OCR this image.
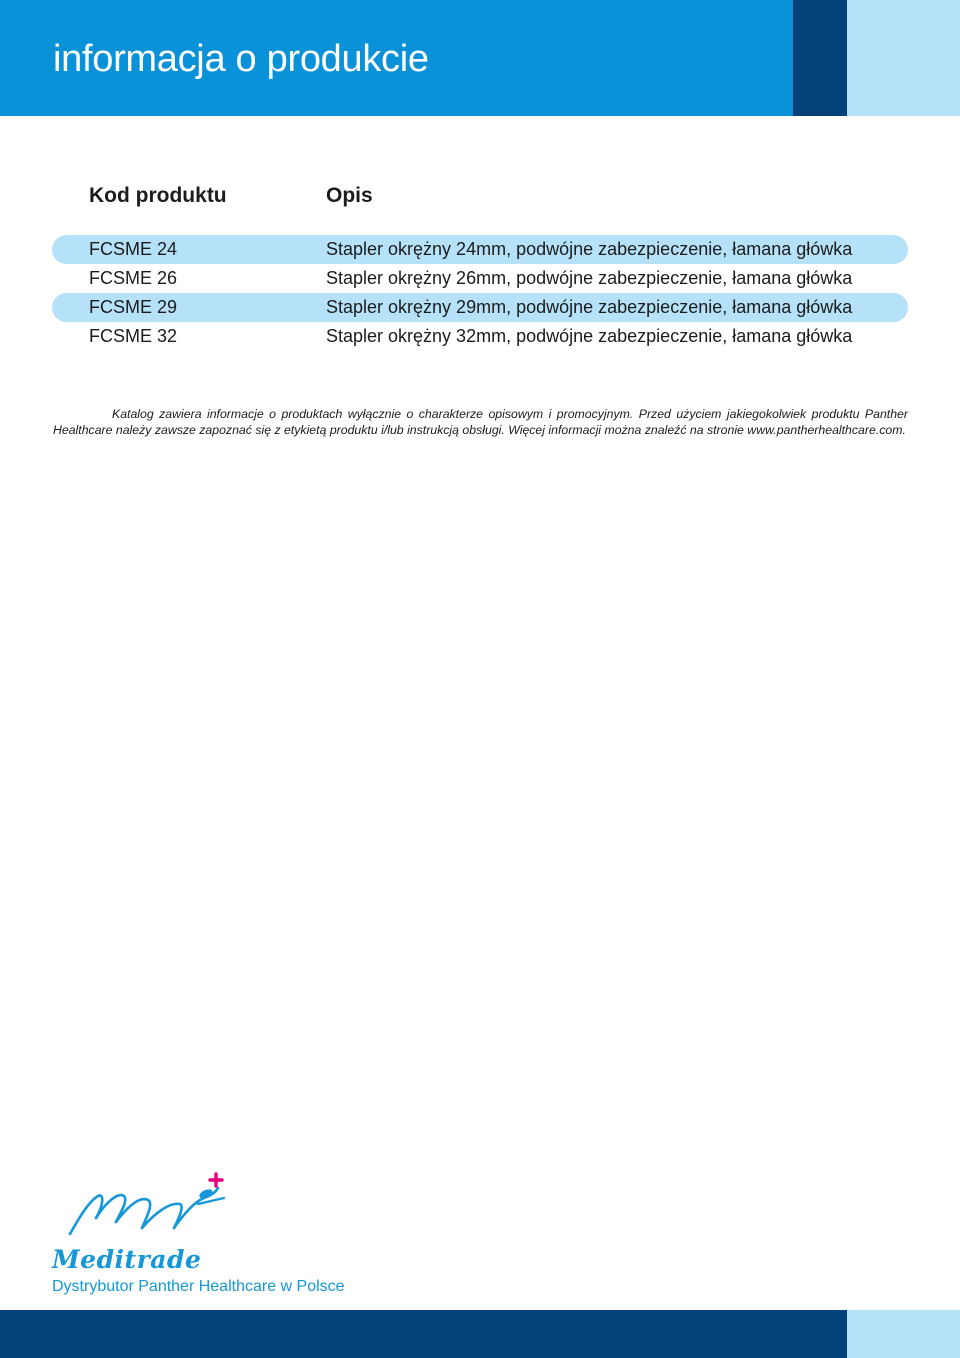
informacja o produkcie
Kod produktu	Opis
FCSME 24	Stapler okrężny 24mm, podwójne zabezpieczenie, łamana główka
FCSME 26	Stapler okrężny 26mm, podwójne zabezpieczenie, łamana główka
FCSME 29	Stapler okrężny 29mm, podwójne zabezpieczenie, łamana główka
FCSME 32	Stapler okrężny 32mm, podwójne zabezpieczenie, łamana główka

Katalog zawiera informacje o produktach wyłącznie o charakterze opisowym i promocyjnym. Przed użyciem jakiegokolwiek produktu Panther Healthcare należy zawsze zapoznać się z etykietą produktu i/lub instrukcją obsługi. Więcej informacji można znaleźć na stronie www.pantherhealthcare.com.

Meditrade
Dystrybutor Panther Healthcare w Polsce
